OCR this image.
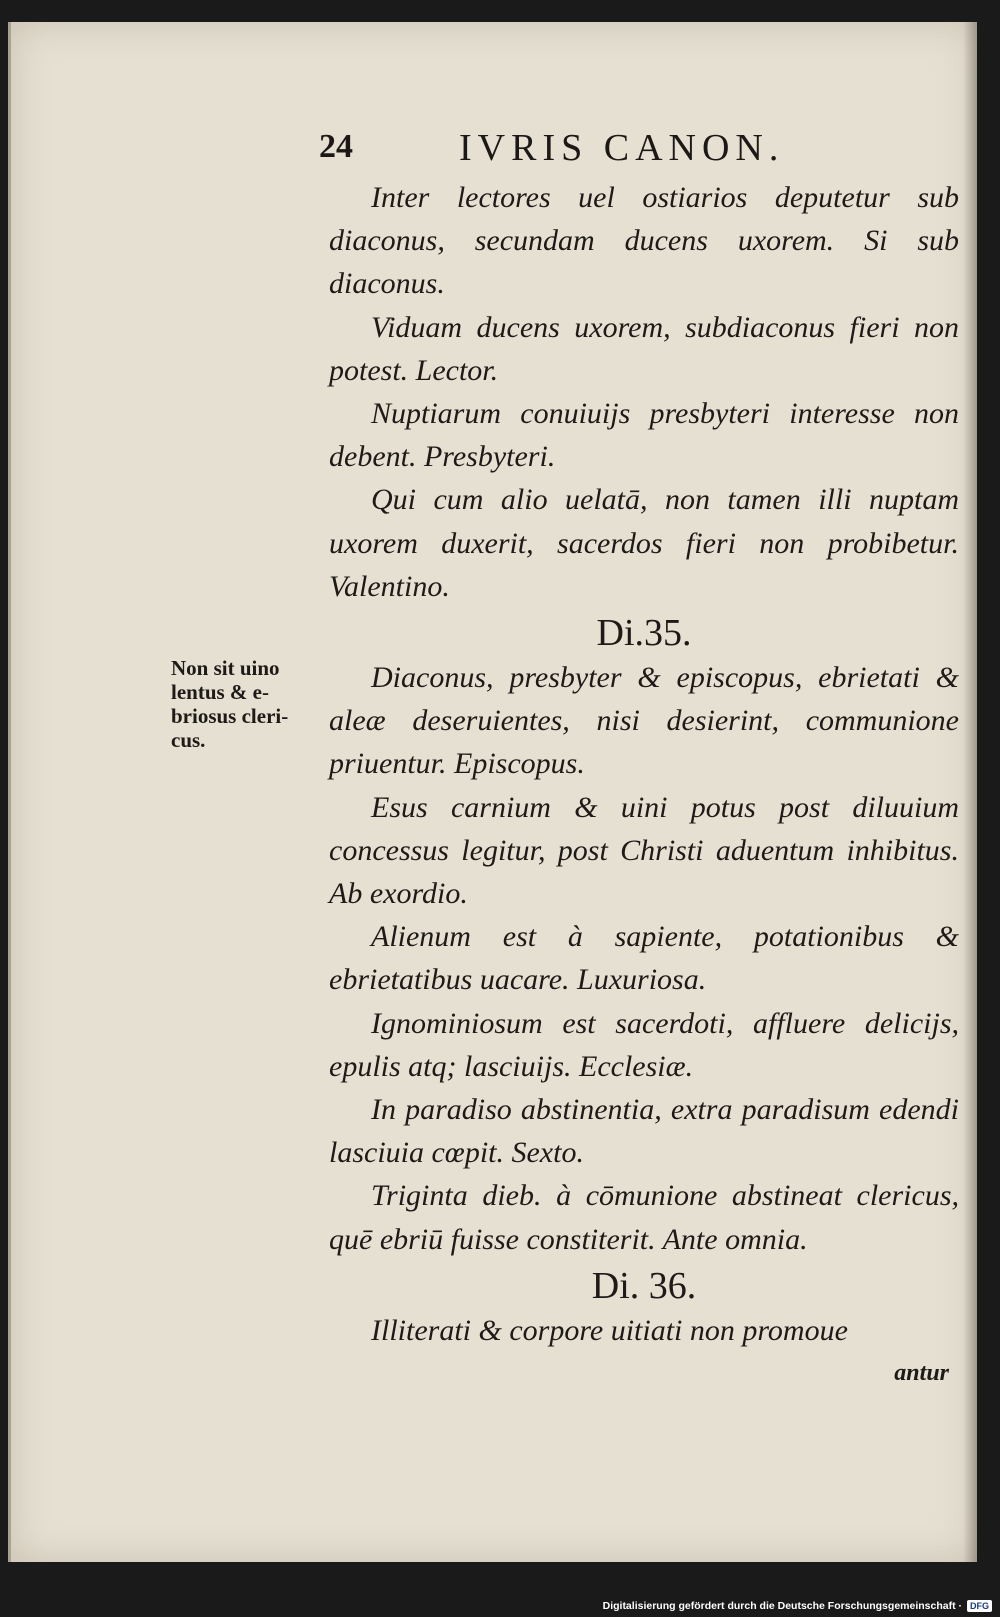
24	IVRIS CANON.
Non sit uino
lentus & e-
briosus cleri-
cus.

Inter lectores uel ostiarios deputetur sub diaconus, secundam ducens uxorem. Si sub diaconus.

Viduam ducens uxorem, subdiaconus fieri non potest. Lector.

Nuptiarum conuiuijs presbyteri interesse non debent. Presbyteri.

Qui cum alio uelatā, non tamen illi nuptam uxorem duxerit, sacerdos fieri non probibetur. Valentino.

Di.35.

Diaconus, presbyter & episcopus, ebrietati & aleæ deseruientes, nisi desierint, communione priuentur. Episcopus.

Esus carnium & uini potus post diluuium concessus legitur, post Christi aduentum inhibitus. Ab exordio.

Alienum est à sapiente, potationibus & ebrietatibus uacare. Luxuriosa.

Ignominiosum est sacerdoti, affluere delicijs, epulis atq; lasciuijs. Ecclesiæ.

In paradiso abstinentia, extra paradisum edendi lasciuia cœpit. Sexto.

Triginta dieb. à cōmunione abstineat clericus, quē ebriū fuisse constiterit. Ante omnia.

Di. 36.

Illiterati & corpore uitiati non promoue

antur

Digitalisierung gefördert durch die Deutsche Forschungsgemeinschaft · DFG
